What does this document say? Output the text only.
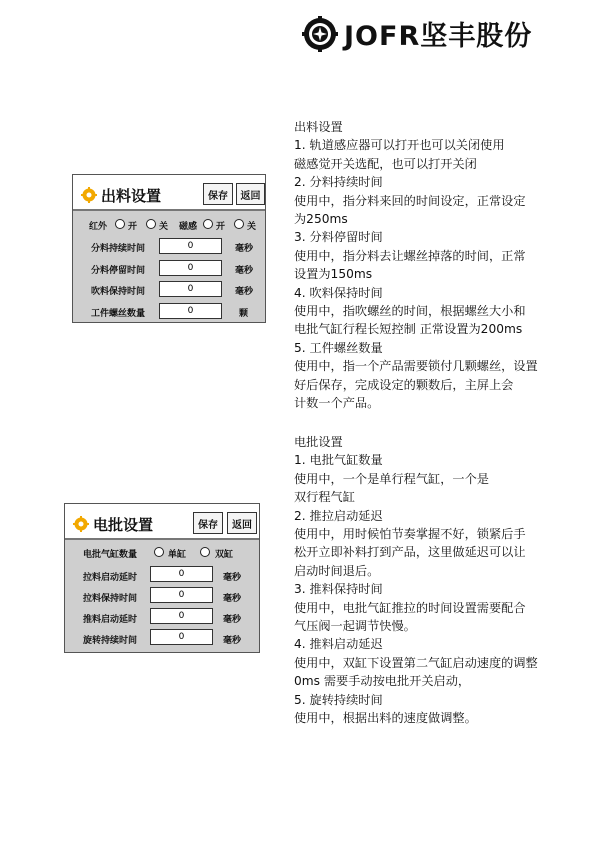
JOFR坚丰股份
出料设置	保存	返回
红外 开 关 磁感 开 关
分料持续时间
0	毫秒
分料停留时间
0	毫秒
吹料保持时间
0	毫秒
工件螺丝数量
0	颗
电批设置	保存	返回
电批气缸数量	单缸	双缸
拉料启动延时
0	毫秒
拉料保持时间
0	毫秒
推料启动延时
0	毫秒
旋转持续时间
0	毫秒

出料设置

1. 轨道感应器可以打开也可以关闭使用

磁感觉开关选配，也可以打开关闭

2. 分料持续时间

使用中，指分料来回的时间设定，正常设定

为250ms

3. 分料停留时间

使用中，指分料去让螺丝掉落的时间，正常

设置为150ms

4. 吹料保持时间

使用中，指吹螺丝的时间，根据螺丝大小和

电批气缸行程长短控制 正常设置为200ms

5. 工件螺丝数量

使用中，指一个产品需要锁付几颗螺丝，设置

好后保存，完成设定的颗数后，主屏上会

计数一个产品。

电批设置

1. 电批气缸数量

使用中，一个是单行程气缸，一个是

双行程气缸

2. 推拉启动延迟

使用中，用时候怕节奏掌握不好，锁紧后手

松开立即补料打到产品，这里做延迟可以让

启动时间退后。

3. 推料保持时间

使用中，电批气缸推拉的时间设置需要配合

气压阀一起调节快慢。

4. 推料启动延迟

使用中，双缸下设置第二气缸启动速度的调整

0ms 需要手动按电批开关启动，

5. 旋转持续时间

使用中，根据出料的速度做调整。
